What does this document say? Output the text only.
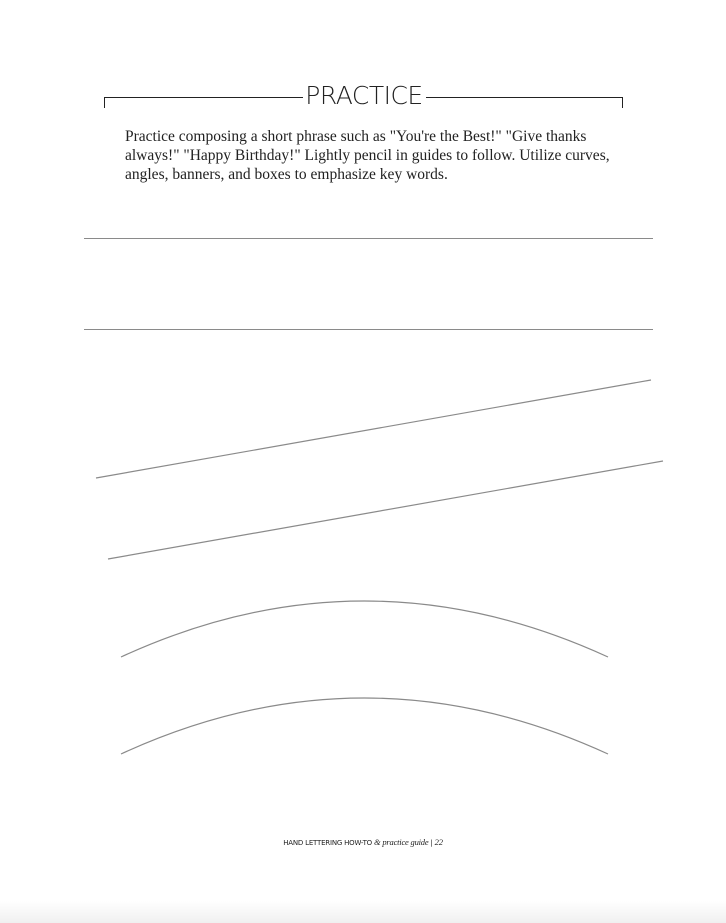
PRACTICE
Practice composing a short phrase such as "You're the Best!" "Give thanks always!" "Happy Birthday!" Lightly pencil in guides to follow. Utilize curves, angles, banners, and boxes to emphasize key words.
HAND LETTERING HOW-TO & practice guide | 22
